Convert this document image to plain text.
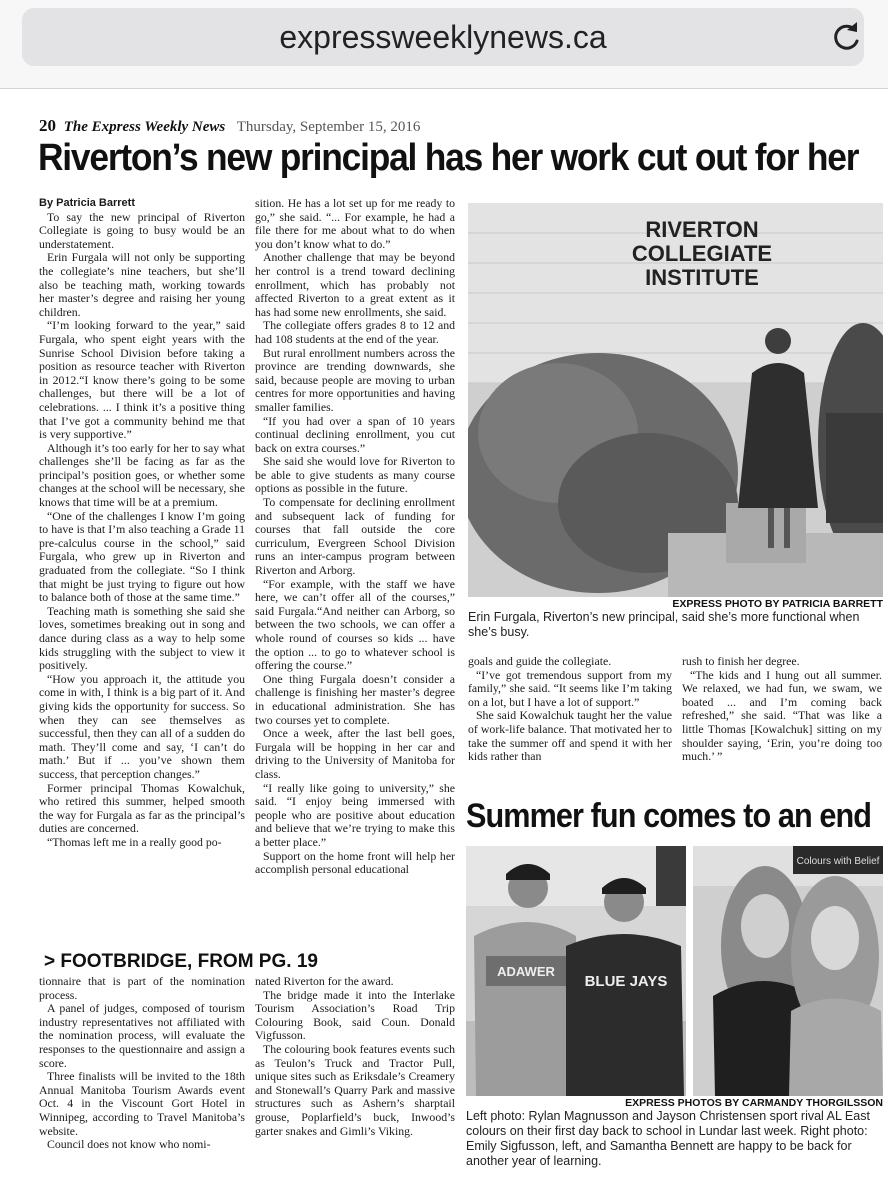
expressweeklynews.ca
20 The Express Weekly News Thursday, September 15, 2016
Riverton’s new principal has her work cut out for her

By Patricia Barrett

To say the new principal of Riverton Collegiate is going to busy would be an understatement.

Erin Furgala will not only be supporting the collegiate’s nine teachers, but she’ll also be teaching math, working towards her master’s degree and raising her young children.

“I’m looking forward to the year,” said Furgala, who spent eight years with the Sunrise School Division before taking a position as resource teacher with Riverton in 2012.“I know there’s going to be some challenges, but there will be a lot of celebrations. ... I think it’s a positive thing that I’ve got a community behind me that is very supportive.”

Although it’s too early for her to say what challenges she’ll be facing as far as the principal’s position goes, or whether some changes at the school will be necessary, she knows that time will be at a premium.

“One of the challenges I know I’m going to have is that I’m also teaching a Grade 11 pre-calculus course in the school,” said Furgala, who grew up in Riverton and graduated from the collegiate. “So I think that might be just trying to figure out how to balance both of those at the same time.”

Teaching math is something she said she loves, sometimes breaking out in song and dance during class as a way to help some kids struggling with the subject to view it positively.

“How you approach it, the attitude you come in with, I think is a big part of it. And giving kids the opportunity for success. So when they can see themselves as successful, then they can all of a sudden do math. They’ll come and say, ‘I can’t do math.’ But if ... you’ve shown them success, that perception changes.”

Former principal Thomas Kowalchuk, who retired this summer, helped smooth the way for Furgala as far as the principal’s duties are concerned.

“Thomas left me in a really good po-

sition. He has a lot set up for me ready to go,” she said. “... For example, he had a file there for me about what to do when you don’t know what to do.”

Another challenge that may be beyond her control is a trend toward declining enrollment, which has probably not affected Riverton to a great extent as it has had some new enrollments, she said.

The collegiate offers grades 8 to 12 and had 108 students at the end of the year.

But rural enrollment numbers across the province are trending downwards, she said, because people are moving to urban centres for more opportunities and having smaller families.

“If you had over a span of 10 years continual declining enrollment, you cut back on extra courses.”

She said she would love for Riverton to be able to give students as many course options as possible in the future.

To compensate for declining enrollment and subsequent lack of funding for courses that fall outside the core curriculum, Evergreen School Division runs an inter-campus program between Riverton and Arborg.

“For example, with the staff we have here, we can’t offer all of the courses,” said Furgala.“And neither can Arborg, so between the two schools, we can offer a whole round of courses so kids ... have the option ... to go to whatever school is offering the course.”

One thing Furgala doesn’t consider a challenge is finishing her master’s degree in educational administration. She has two courses yet to complete.

Once a week, after the last bell goes, Furgala will be hopping in her car and driving to the University of Manitoba for class.

“I really like going to university,” she said. “I enjoy being immersed with people who are positive about education and believe that we’re trying to make this a better place.”

Support on the home front will help her accomplish personal educational

RIVERTON
COLLEGIATE
INSTITUTE
EXPRESS PHOTO BY PATRICIA BARRETT
Erin Furgala, Riverton’s new principal, said she’s more functional when she’s busy.

goals and guide the collegiate.

“I’ve got tremendous support from my family,” she said. “It seems like I’m taking on a lot, but I have a lot of support.”

She said Kowalchuk taught her the value of work-life balance. That motivated her to take the summer off and spend it with her kids rather than

rush to finish her degree.

“The kids and I hung out all summer. We relaxed, we had fun, we swam, we boated ... and I’m coming back refreshed,” she said. “That was like a little Thomas [Kowalchuk] sitting on my shoulder saying, ‘Erin, you’re doing too much.’ ”

> FOOTBRIDGE, FROM PG. 19

tionnaire that is part of the nomination process.

A panel of judges, composed of tourism industry representatives not affiliated with the nomination process, will evaluate the responses to the questionnaire and assign a score.

Three finalists will be invited to the 18th Annual Manitoba Tourism Awards event Oct. 4 in the Viscount Gort Hotel in Winnipeg, according to Travel Manitoba’s website.

Council does not know who nomi-

nated Riverton for the award.

The bridge made it into the Interlake Tourism Association’s Road Trip Colouring Book, said Coun. Donald Vigfusson.

The colouring book features events such as Teulon’s Truck and Tractor Pull, unique sites such as Eriksdale’s Creamery and Stonewall’s Quarry Park and massive structures such as Ashern’s sharptail grouse, Poplarfield’s buck, Inwood’s garter snakes and Gimli’s Viking.

Summer fun comes to an end
ADAWER
BLUE JAYS
Colours with Belief
EXPRESS PHOTOS BY CARMANDY THORGILSSON
Left photo: Rylan Magnusson and Jayson Christensen sport rival AL East colours on their first day back to school in Lundar last week. Right photo: Emily Sigfusson, left, and Samantha Bennett are happy to be back for another year of learning.
